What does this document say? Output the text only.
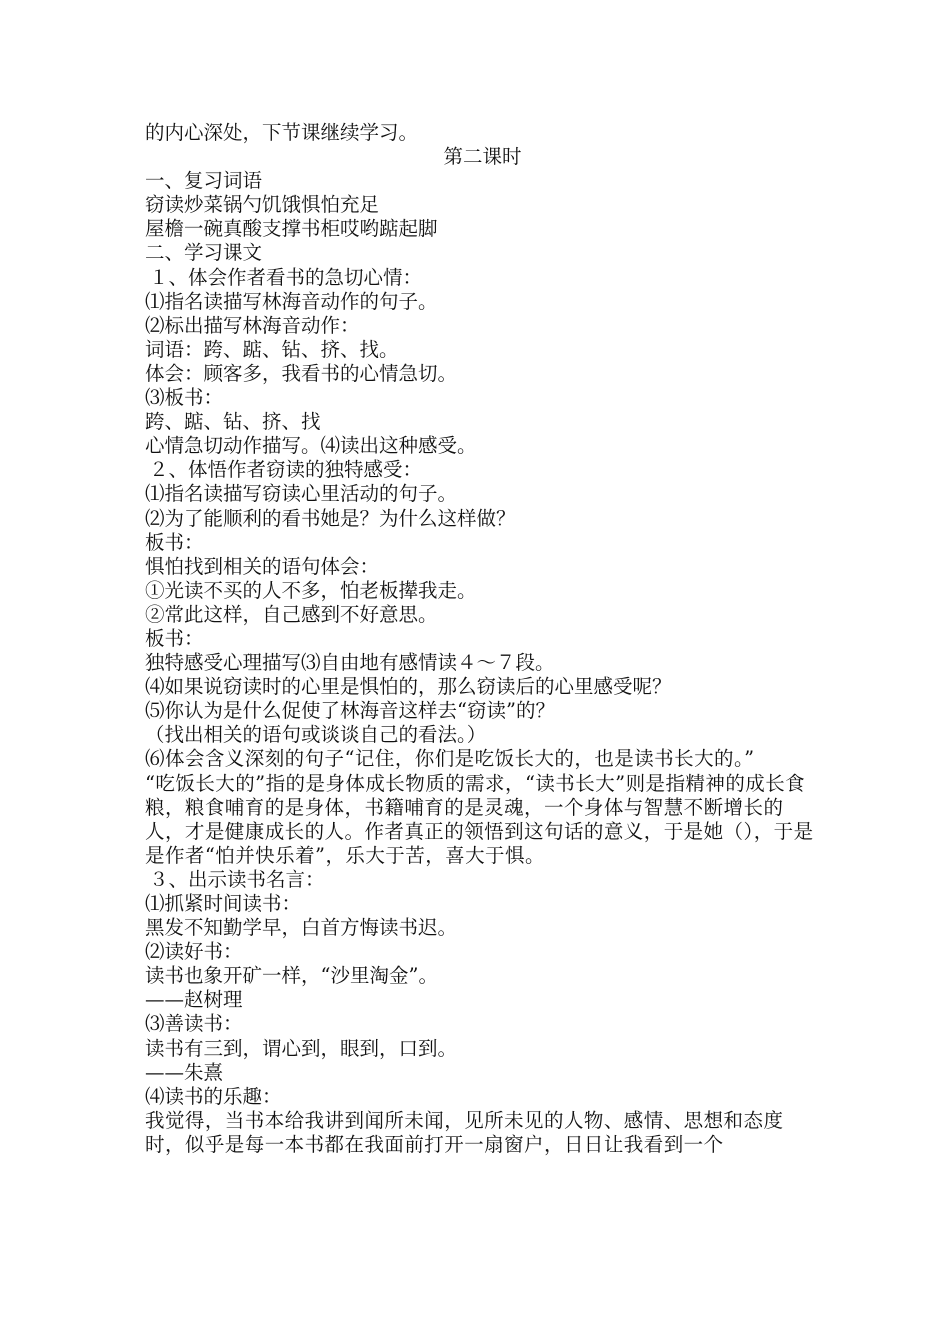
的内心深处，下节课继续学习。
第二课时
一、复习词语
窃读炒菜锅勺饥饿惧怕充足
屋檐一碗真酸支撑书柜哎哟踮起脚
二、学习课文
１、体会作者看书的急切心情：
⑴指名读描写林海音动作的句子。
⑵标出描写林海音动作：
词语：跨、踮、钻、挤、找。
体会：顾客多，我看书的心情急切。
⑶板书：
跨、踮、钻、挤、找
心情急切动作描写。⑷读出这种感受。
２、体悟作者窃读的独特感受：
⑴指名读描写窃读心里活动的句子。
⑵为了能顺利的看书她是？为什么这样做？
板书：
惧怕找到相关的语句体会：
①光读不买的人不多，怕老板撵我走。
②常此这样，自己感到不好意思。
板书：
独特感受心理描写⑶自由地有感情读４～７段。
⑷如果说窃读时的心里是惧怕的，那么窃读后的心里感受呢？
⑸你认为是什么促使了林海音这样去“窃读”的？
（找出相关的语句或谈谈自己的看法。）
⑹体会含义深刻的句子“记住，你们是吃饭长大的，也是读书长大的。”
“吃饭长大的”指的是身体成长物质的需求，“读书长大”则是指精神的成长食粮，粮食哺育的是身体，书籍哺育的是灵魂，一个身体与智慧不断增长的人，才是健康成长的人。作者真正的领悟到这句话的意义，于是她（），于是是作者“怕并快乐着”，乐大于苦，喜大于惧。
３、出示读书名言：
⑴抓紧时间读书：
黑发不知勤学早，白首方悔读书迟。
⑵读好书：
读书也象开矿一样，“沙里淘金”。
——赵树理
⑶善读书：
读书有三到，谓心到，眼到，口到。
——朱熹
⑷读书的乐趣：
我觉得，当书本给我讲到闻所未闻，见所未见的人物、感情、思想和态度时，似乎是每一本书都在我面前打开一扇窗户，日日让我看到一个
